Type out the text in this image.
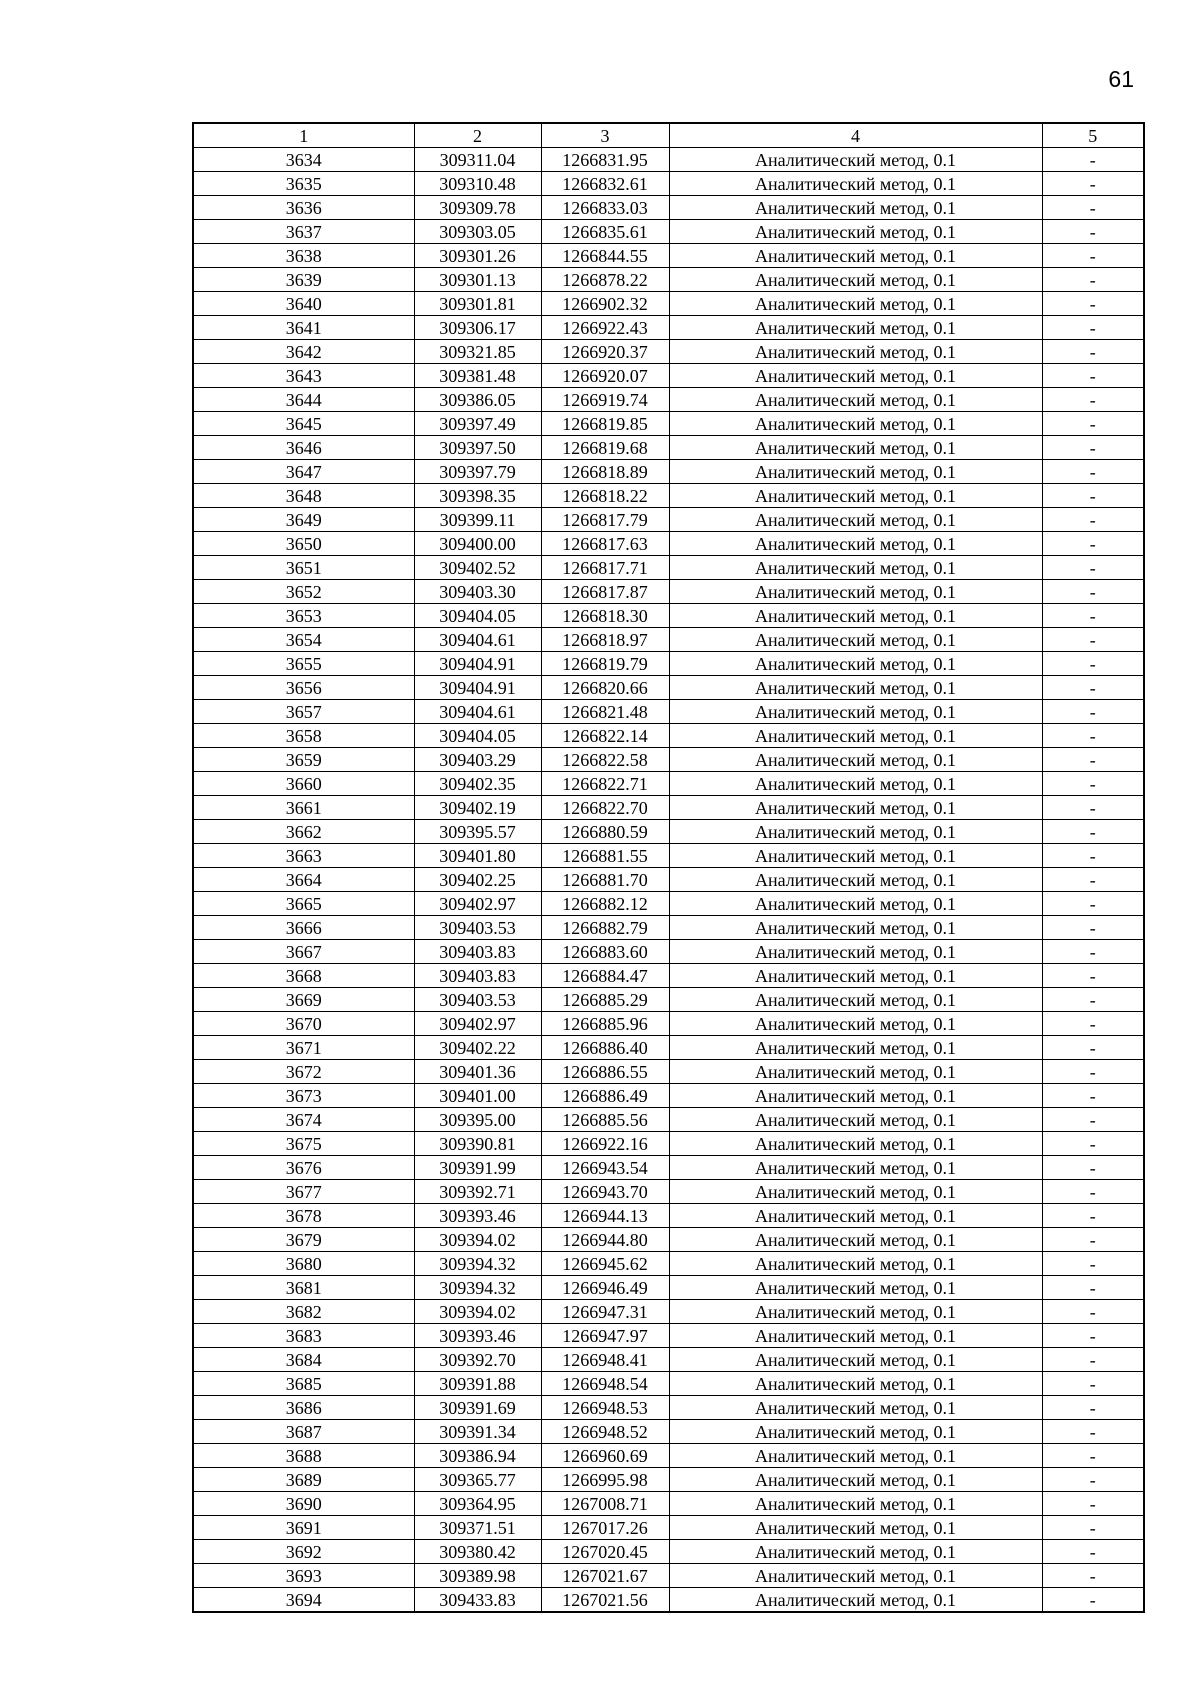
61
1	2	3	4	5
3634	309311.04	1266831.95	Аналитический метод, 0.1	-
3635	309310.48	1266832.61	Аналитический метод, 0.1	-
3636	309309.78	1266833.03	Аналитический метод, 0.1	-
3637	309303.05	1266835.61	Аналитический метод, 0.1	-
3638	309301.26	1266844.55	Аналитический метод, 0.1	-
3639	309301.13	1266878.22	Аналитический метод, 0.1	-
3640	309301.81	1266902.32	Аналитический метод, 0.1	-
3641	309306.17	1266922.43	Аналитический метод, 0.1	-
3642	309321.85	1266920.37	Аналитический метод, 0.1	-
3643	309381.48	1266920.07	Аналитический метод, 0.1	-
3644	309386.05	1266919.74	Аналитический метод, 0.1	-
3645	309397.49	1266819.85	Аналитический метод, 0.1	-
3646	309397.50	1266819.68	Аналитический метод, 0.1	-
3647	309397.79	1266818.89	Аналитический метод, 0.1	-
3648	309398.35	1266818.22	Аналитический метод, 0.1	-
3649	309399.11	1266817.79	Аналитический метод, 0.1	-
3650	309400.00	1266817.63	Аналитический метод, 0.1	-
3651	309402.52	1266817.71	Аналитический метод, 0.1	-
3652	309403.30	1266817.87	Аналитический метод, 0.1	-
3653	309404.05	1266818.30	Аналитический метод, 0.1	-
3654	309404.61	1266818.97	Аналитический метод, 0.1	-
3655	309404.91	1266819.79	Аналитический метод, 0.1	-
3656	309404.91	1266820.66	Аналитический метод, 0.1	-
3657	309404.61	1266821.48	Аналитический метод, 0.1	-
3658	309404.05	1266822.14	Аналитический метод, 0.1	-
3659	309403.29	1266822.58	Аналитический метод, 0.1	-
3660	309402.35	1266822.71	Аналитический метод, 0.1	-
3661	309402.19	1266822.70	Аналитический метод, 0.1	-
3662	309395.57	1266880.59	Аналитический метод, 0.1	-
3663	309401.80	1266881.55	Аналитический метод, 0.1	-
3664	309402.25	1266881.70	Аналитический метод, 0.1	-
3665	309402.97	1266882.12	Аналитический метод, 0.1	-
3666	309403.53	1266882.79	Аналитический метод, 0.1	-
3667	309403.83	1266883.60	Аналитический метод, 0.1	-
3668	309403.83	1266884.47	Аналитический метод, 0.1	-
3669	309403.53	1266885.29	Аналитический метод, 0.1	-
3670	309402.97	1266885.96	Аналитический метод, 0.1	-
3671	309402.22	1266886.40	Аналитический метод, 0.1	-
3672	309401.36	1266886.55	Аналитический метод, 0.1	-
3673	309401.00	1266886.49	Аналитический метод, 0.1	-
3674	309395.00	1266885.56	Аналитический метод, 0.1	-
3675	309390.81	1266922.16	Аналитический метод, 0.1	-
3676	309391.99	1266943.54	Аналитический метод, 0.1	-
3677	309392.71	1266943.70	Аналитический метод, 0.1	-
3678	309393.46	1266944.13	Аналитический метод, 0.1	-
3679	309394.02	1266944.80	Аналитический метод, 0.1	-
3680	309394.32	1266945.62	Аналитический метод, 0.1	-
3681	309394.32	1266946.49	Аналитический метод, 0.1	-
3682	309394.02	1266947.31	Аналитический метод, 0.1	-
3683	309393.46	1266947.97	Аналитический метод, 0.1	-
3684	309392.70	1266948.41	Аналитический метод, 0.1	-
3685	309391.88	1266948.54	Аналитический метод, 0.1	-
3686	309391.69	1266948.53	Аналитический метод, 0.1	-
3687	309391.34	1266948.52	Аналитический метод, 0.1	-
3688	309386.94	1266960.69	Аналитический метод, 0.1	-
3689	309365.77	1266995.98	Аналитический метод, 0.1	-
3690	309364.95	1267008.71	Аналитический метод, 0.1	-
3691	309371.51	1267017.26	Аналитический метод, 0.1	-
3692	309380.42	1267020.45	Аналитический метод, 0.1	-
3693	309389.98	1267021.67	Аналитический метод, 0.1	-
3694	309433.83	1267021.56	Аналитический метод, 0.1	-
